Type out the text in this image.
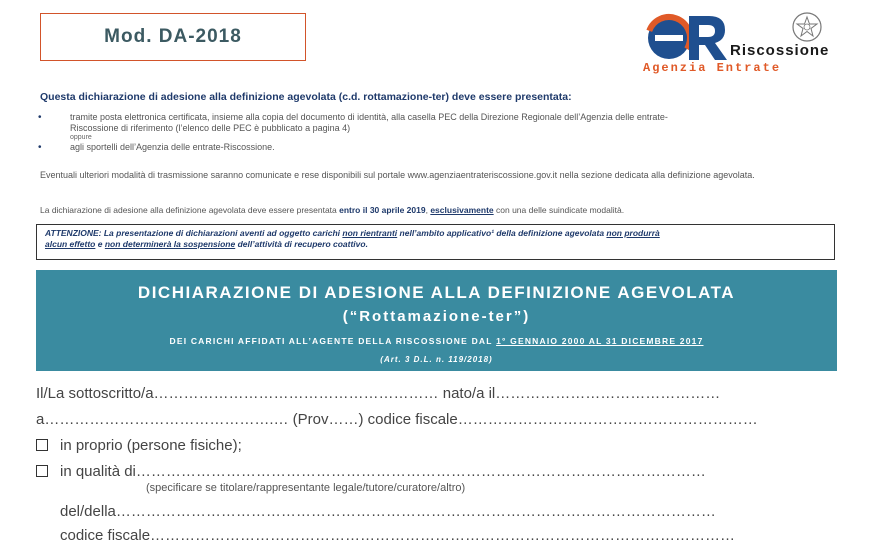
Mod. DA-2018
Riscossione
Agenzia Entrate
Questa dichiarazione di adesione alla definizione agevolata (c.d. rottamazione-ter) deve essere presentata:
•	tramite posta elettronica certificata, insieme alla copia del documento di identità, alla casella PEC della Direzione Regionale dell’Agenzia delle entrate-
Riscossione di riferimento (l’elenco delle PEC è pubblicato a pagina 4)
oppure
•	agli sportelli dell’Agenzia delle entrate-Riscossione.
Eventuali ulteriori modalità di trasmissione saranno comunicate e rese disponibili sul portale www.agenziaentrateriscossione.gov.it nella sezione dedicata alla definizione agevolata.
La dichiarazione di adesione alla definizione agevolata deve essere presentata entro il 30 aprile 2019, esclusivamente con una delle suindicate modalità.
ATTENZIONE: La presentazione di dichiarazioni aventi ad oggetto carichi non rientranti nell’ambito applicativo¹ della definizione agevolata non produrrà
alcun effetto e non determinerà la sospensione dell’attività di recupero coattivo.
DICHIARAZIONE DI ADESIONE ALLA DEFINIZIONE AGEVOLATA
(“Rottamazione-ter”)
DEI CARICHI AFFIDATI ALL’AGENTE DELLA RISCOSSIONE DAL 1° GENNAIO 2000 AL 31 DICEMBRE 2017
(Art. 3 D.L. n. 119/2018)
Il/La sottoscritto/a………………………………………………… nato/a il………………………………………
a……………………………………….… (Prov……) codice fiscale……………………………………………………
in proprio (persone fisiche);
in qualità di……………………………………………………………………………………………………
(specificare se titolare/rappresentante legale/tutore/curatore/altro)
del/della…………………………………………………………………………………………………………
codice fiscale………………………………………………………………………………………………………
